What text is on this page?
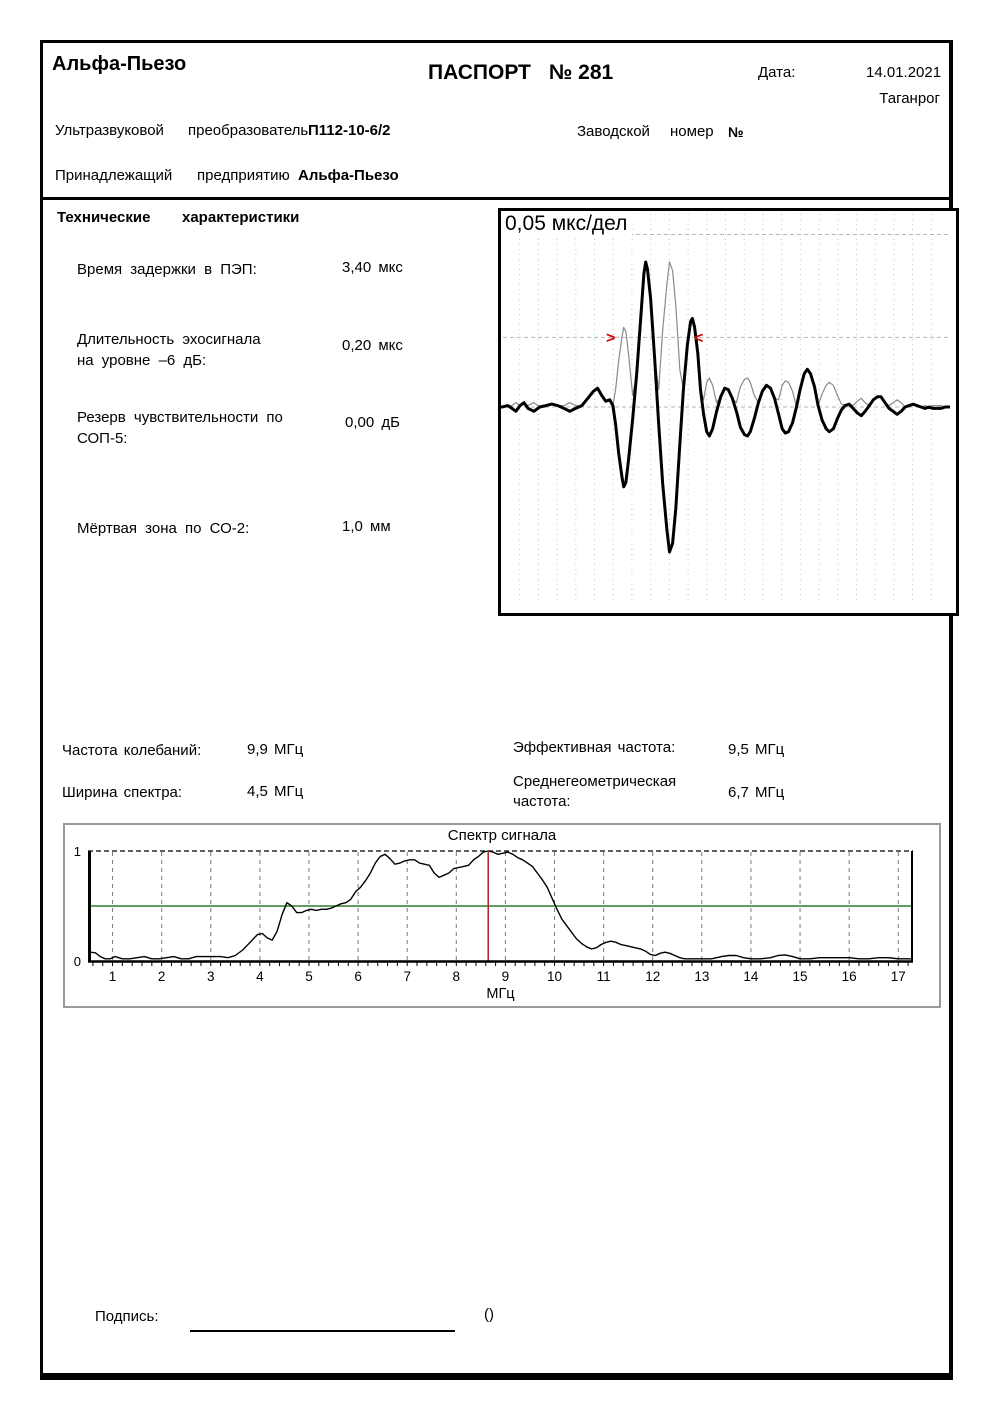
Альфа-Пьезо	ПАСПОРТ № 281	Дата:	14.01.2021
Таганрог
Ультразвуковой преобразователь П112-10-6/2	Заводской номер №
Принадлежащий предприятию Альфа-Пьезо
Технические характеристики
Время задержки в ПЭП:	3,40 мкс
Длительность эхосигнала
на уровне –6 дБ:
0,20 мкс
Резерв чувствительности по
СОП-5:
0,00 дБ
Мёртвая зона по СО-2:	1,0 мм
0,05 мкс/дел
>	<
Частота колебаний:	9,9 МГц
Ширина спектра:	4,5 МГц
Эффективная частота:	9,5 МГц
Среднегеометрическая частота:
6,7 МГц
Спектр сигнала
0
1
1	2	3	4	5	6	7	8	9	10	11	12	13	14	15	16	17
МГц
Подпись:	()
